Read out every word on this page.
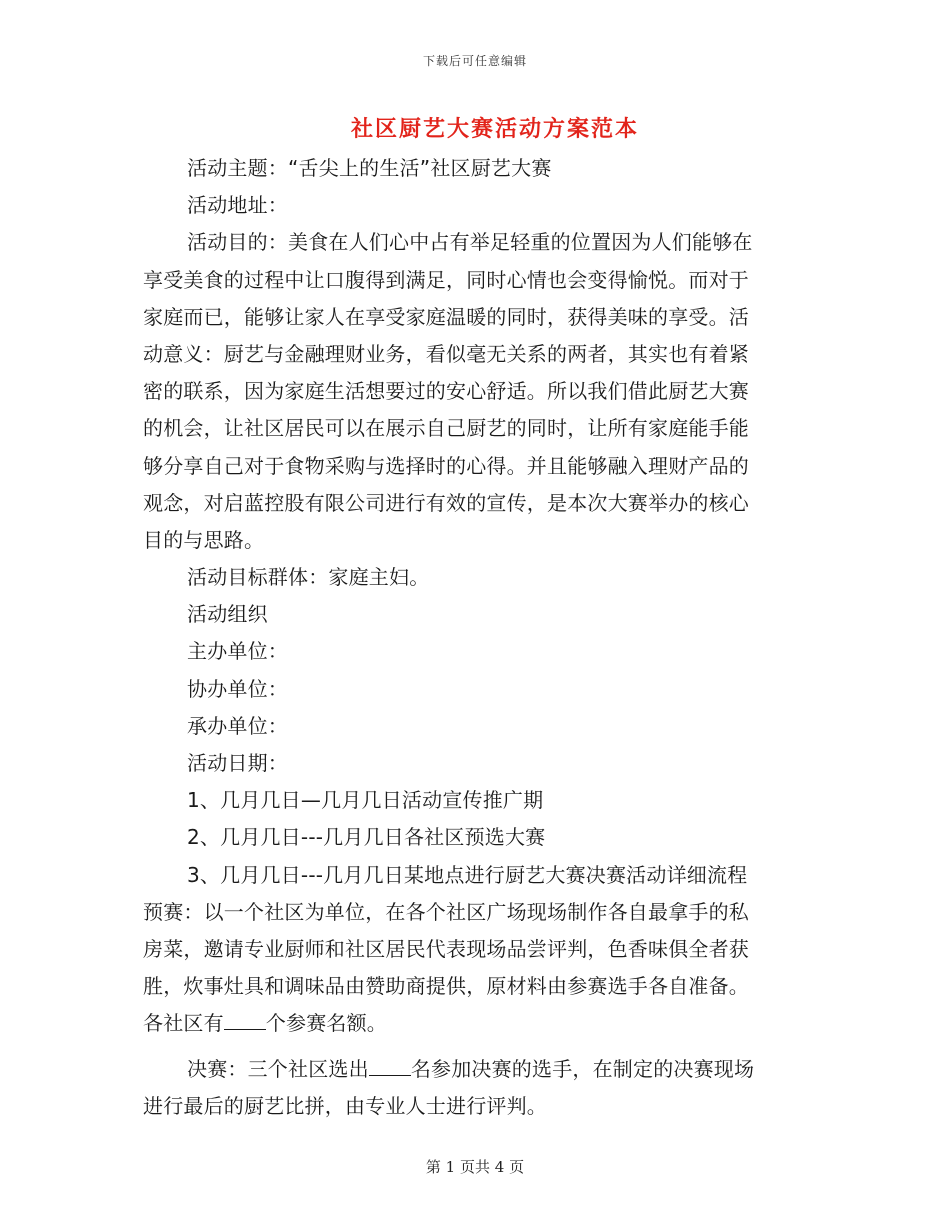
下载后可任意编辑
社区厨艺大赛活动方案范本
活动主题：“舌尖上的生活”社区厨艺大赛
活动地址：
活动目的：美食在人们心中占有举足轻重的位置因为人们能够在
享受美食的过程中让口腹得到满足，同时心情也会变得愉悦。而对于
家庭而已，能够让家人在享受家庭温暖的同时，获得美味的享受。活
动意义：厨艺与金融理财业务，看似毫无关系的两者，其实也有着紧
密的联系，因为家庭生活想要过的安心舒适。所以我们借此厨艺大赛
的机会，让社区居民可以在展示自己厨艺的同时，让所有家庭能手能
够分享自己对于食物采购与选择时的心得。并且能够融入理财产品的
观念，对启蓝控股有限公司进行有效的宣传，是本次大赛举办的核心
目的与思路。
活动目标群体：家庭主妇。
活动组织
主办单位：
协办单位：
承办单位：
活动日期：
1、几月几日—几月几日活动宣传推广期
2、几月几日---几月几日各社区预选大赛
3、几月几日---几月几日某地点进行厨艺大赛决赛活动详细流程
预赛：以一个社区为单位，在各个社区广场现场制作各自最拿手的私
房菜，邀请专业厨师和社区居民代表现场品尝评判，色香味俱全者获
胜，炊事灶具和调味品由赞助商提供，原材料由参赛选手各自准备。
各社区有 个参赛名额。
决赛：三个社区选出 名参加决赛的选手，在制定的决赛现场
进行最后的厨艺比拼，由专业人士进行评判。
第 1 页共 4 页
